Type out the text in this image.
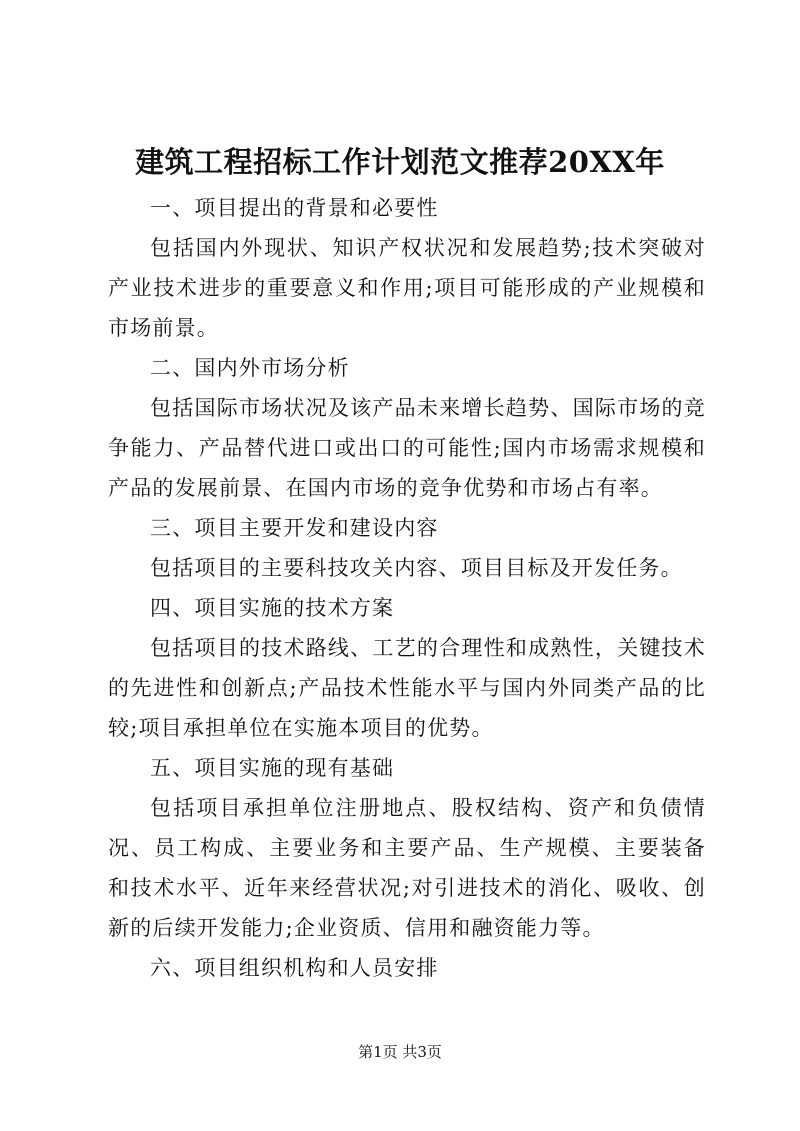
建筑工程招标工作计划范文推荐20XX年

一、项目提出的背景和必要性

包括国内外现状、知识产权状况和发展趋势;技术突破对产业技术进步的重要意义和作用;项目可能形成的产业规模和市场前景。

二、国内外市场分析

包括国际市场状况及该产品未来增长趋势、国际市场的竞争能力、产品替代进口或出口的可能性;国内市场需求规模和产品的发展前景、在国内市场的竞争优势和市场占有率。

三、项目主要开发和建设内容

包括项目的主要科技攻关内容、项目目标及开发任务。

四、项目实施的技术方案

包括项目的技术路线、工艺的合理性和成熟性，关键技术的先进性和创新点;产品技术性能水平与国内外同类产品的比较;项目承担单位在实施本项目的优势。

五、项目实施的现有基础

包括项目承担单位注册地点、股权结构、资产和负债情况、员工构成、主要业务和主要产品、生产规模、主要装备和技术水平、近年来经营状况;对引进技术的消化、吸收、创新的后续开发能力;企业资质、信用和融资能力等。

六、项目组织机构和人员安排

第1页 共3页
